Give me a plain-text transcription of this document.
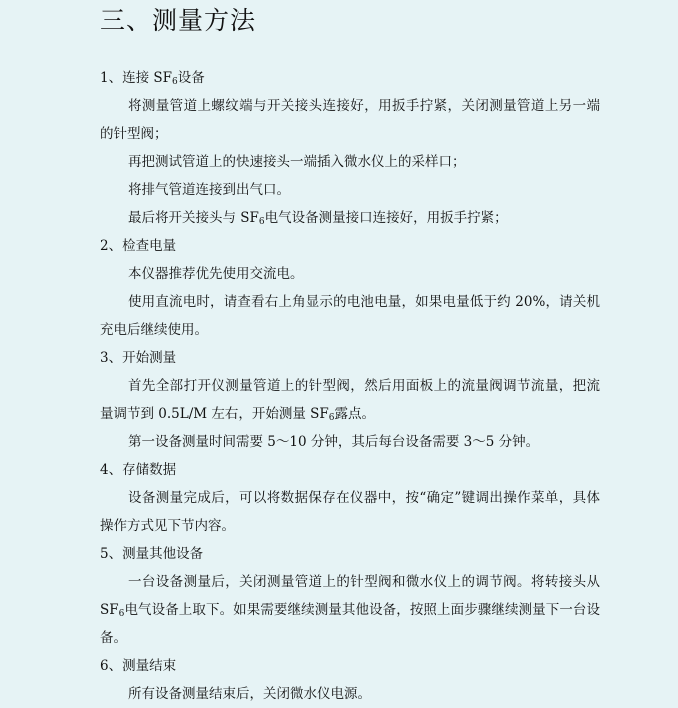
三、测量方法

1、连接 $SF_6$设备

将测量管道上螺纹端与开关接头连接好，用扳手拧紧，关闭测量管道上另一端的针型阀；

再把测试管道上的快速接头一端插入微水仪上的采样口；

将排气管道连接到出气口。

最后将开关接头与 $SF_6$电气设备测量接口连接好，用扳手拧紧；

2、检查电量

本仪器推荐优先使用交流电。

使用直流电时，请查看右上角显示的电池电量，如果电量低于约 20%，请关机充电后继续使用。

3、开始测量

首先全部打开仪测量管道上的针型阀，然后用面板上的流量阀调节流量，把流量调节到 0.5L/M 左右，开始测量 $SF_6$露点。

第一设备测量时间需要 5～10 分钟，其后每台设备需要 3～5 分钟。

4、存储数据

设备测量完成后，可以将数据保存在仪器中，按“确定”键调出操作菜单，具体操作方式见下节内容。

5、测量其他设备

一台设备测量后，关闭测量管道上的针型阀和微水仪上的调节阀。将转接头从 $SF_6$电气设备上取下。如果需要继续测量其他设备，按照上面步骤继续测量下一台设备。

6、测量结束

所有设备测量结束后，关闭微水仪电源。
